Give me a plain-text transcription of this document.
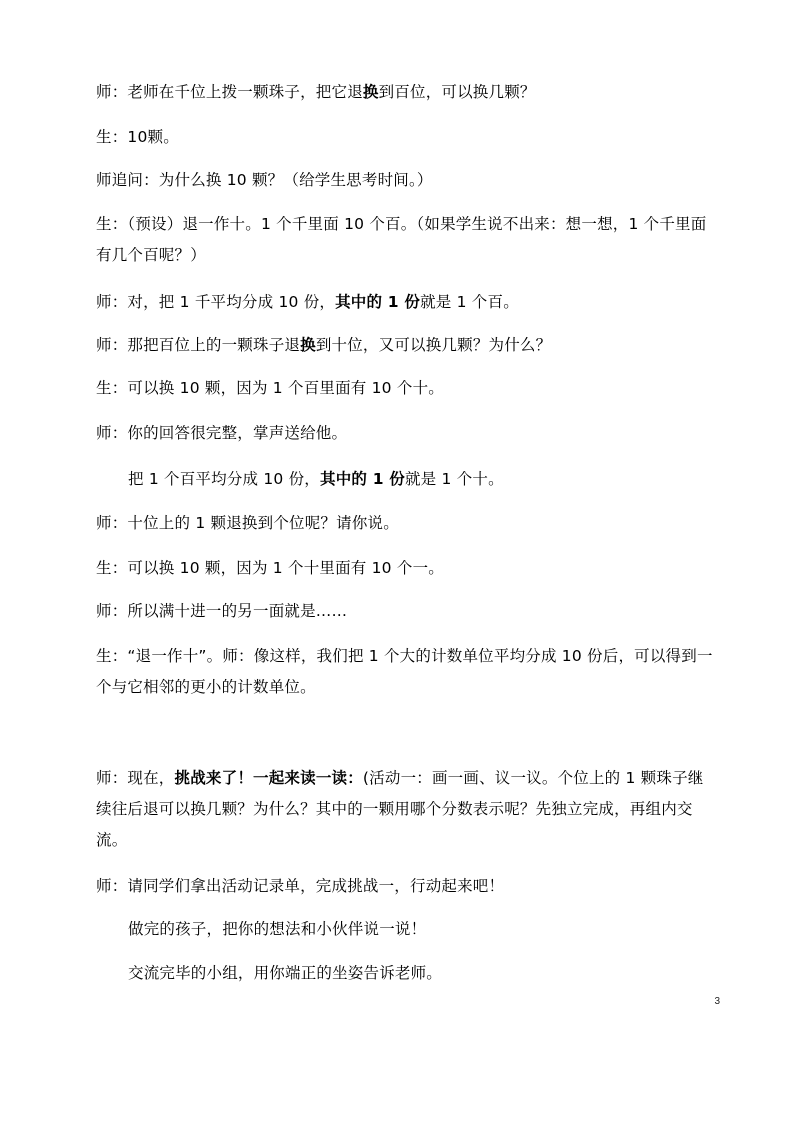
师：老师在千位上拨一颗珠子，把它退换到百位，可以换几颗？
生：10颗。
师追问：为什么换 10 颗？（给学生思考时间。）
生：（预设）退一作十。1 个千里面 10 个百。（如果学生说不出来：想一想，1 个千里面有几个百呢？）
师：对，把 1 千平均分成 10 份，其中的 1 份就是 1 个百。
师：那把百位上的一颗珠子退换到十位，又可以换几颗？为什么？
生：可以换 10 颗，因为 1 个百里面有 10 个十。
师：你的回答很完整，掌声送给他。
把 1 个百平均分成 10 份，其中的 1 份就是 1 个十。
师：十位上的 1 颗退换到个位呢？请你说。
生：可以换 10 颗，因为 1 个十里面有 10 个一。
师：所以满十进一的另一面就是……
生：“退一作十”。师：像这样，我们把 1 个大的计数单位平均分成 10 份后，可以得到一个与它相邻的更小的计数单位。
师：现在，挑战来了！一起来读一读：(活动一：画一画、议一议。个位上的 1 颗珠子继续往后退可以换几颗？为什么？其中的一颗用哪个分数表示呢？先独立完成，再组内交流。
师：请同学们拿出活动记录单，完成挑战一，行动起来吧！
做完的孩子，把你的想法和小伙伴说一说！
交流完毕的小组，用你端正的坐姿告诉老师。
3
